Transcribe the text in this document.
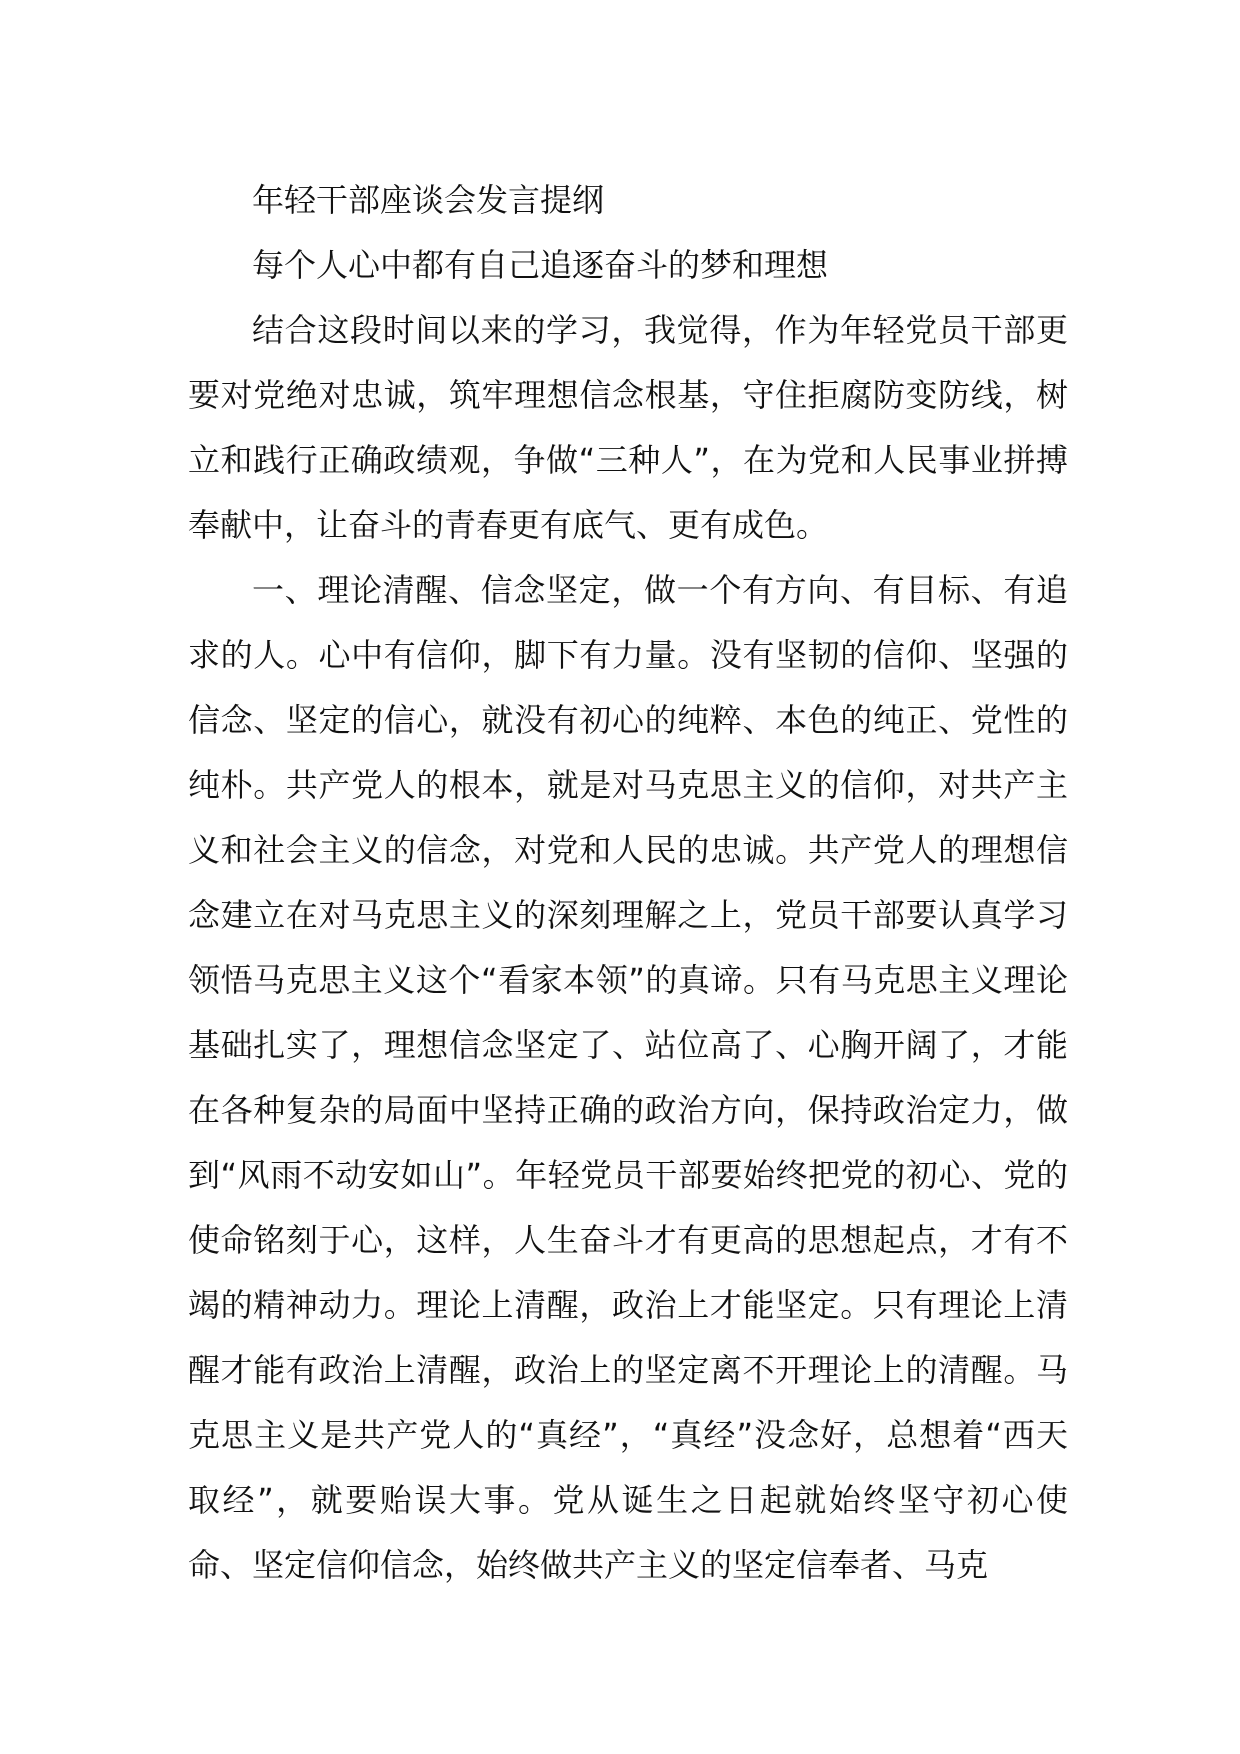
年轻干部座谈会发言提纲

每个人心中都有自己追逐奋斗的梦和理想

结合这段时间以来的学习，我觉得，作为年轻党员干部更要对党绝对忠诚，筑牢理想信念根基，守住拒腐防变防线，树立和践行正确政绩观，争做“三种人”，在为党和人民事业拼搏奉献中，让奋斗的青春更有底气、更有成色。

一、理论清醒、信念坚定，做一个有方向、有目标、有追求的人。心中有信仰，脚下有力量。没有坚韧的信仰、坚强的信念、坚定的信心，就没有初心的纯粹、本色的纯正、党性的纯朴。共产党人的根本，就是对马克思主义的信仰，对共产主义和社会主义的信念，对党和人民的忠诚。共产党人的理想信念建立在对马克思主义的深刻理解之上，党员干部要认真学习领悟马克思主义这个“看家本领”的真谛。只有马克思主义理论基础扎实了，理想信念坚定了、站位高了、心胸开阔了，才能在各种复杂的局面中坚持正确的政治方向，保持政治定力，做到“风雨不动安如山”。年轻党员干部要始终把党的初心、党的使命铭刻于心，这样，人生奋斗才有更高的思想起点，才有不竭的精神动力。理论上清醒，政治上才能坚定。只有理论上清醒才能有政治上清醒，政治上的坚定离不开理论上的清醒。马克思主义是共产党人的“真经”，“真经”没念好，总想着“西天取经”，就要贻误大事。党从诞生之日起就始终坚守初心使命、坚定信仰信念，始终做共产主义的坚定信奉者、马克
